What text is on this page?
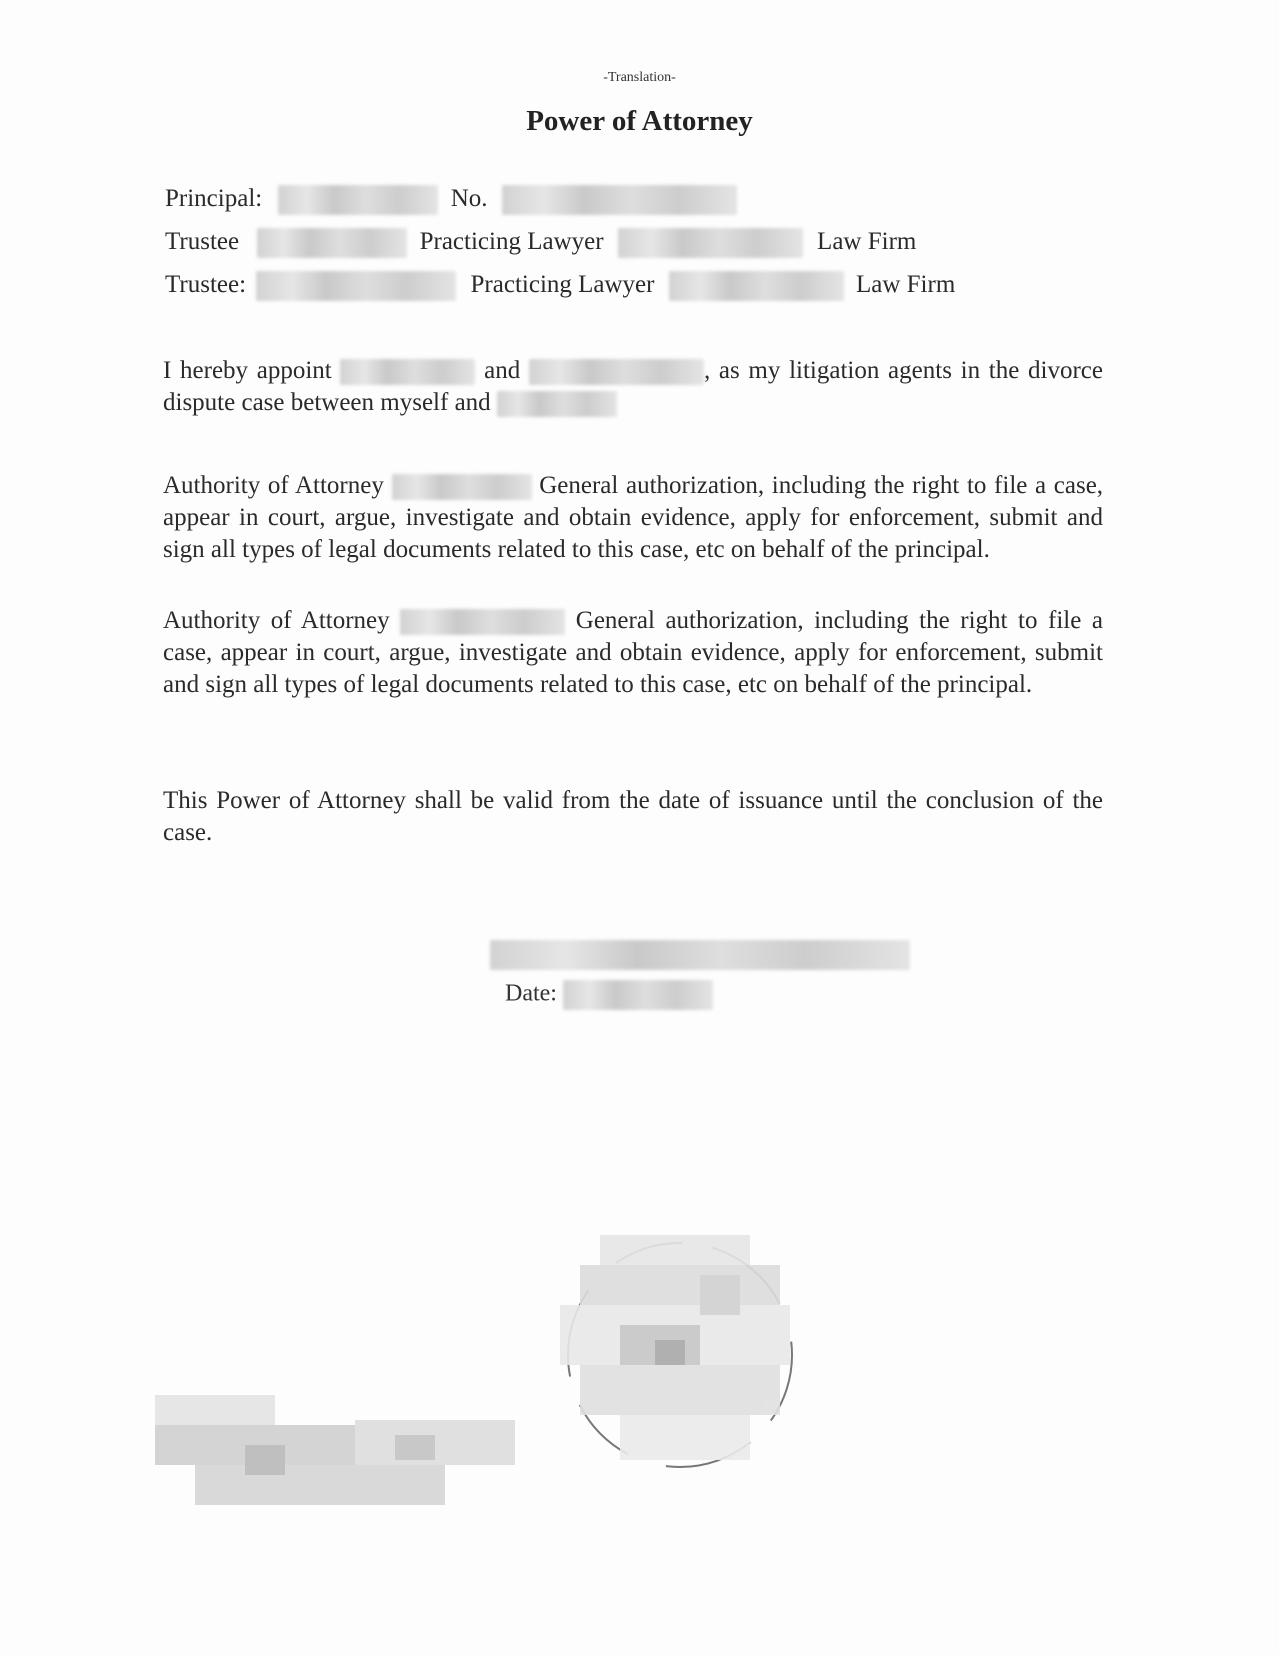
-Translation-
Power of Attorney
Principal:	No.
Trustee	Practicing Lawyer	Law Firm
Trustee:	Practicing Lawyer	Law Firm
I hereby appoint	and	, as my litigation agents in the divorce dispute case between myself and
Authority of Attorney	General authorization, including the right to file a case, appear in court, argue, investigate and obtain evidence, apply for enforcement, submit and sign all types of legal documents related to this case, etc on behalf of the principal.
Authority of Attorney	General authorization, including the right to file a case, appear in court, argue, investigate and obtain evidence, apply for enforcement, submit and sign all types of legal documents related to this case, etc on behalf of the principal.
This Power of Attorney shall be valid from the date of issuance until the conclusion of the case.
Date:
